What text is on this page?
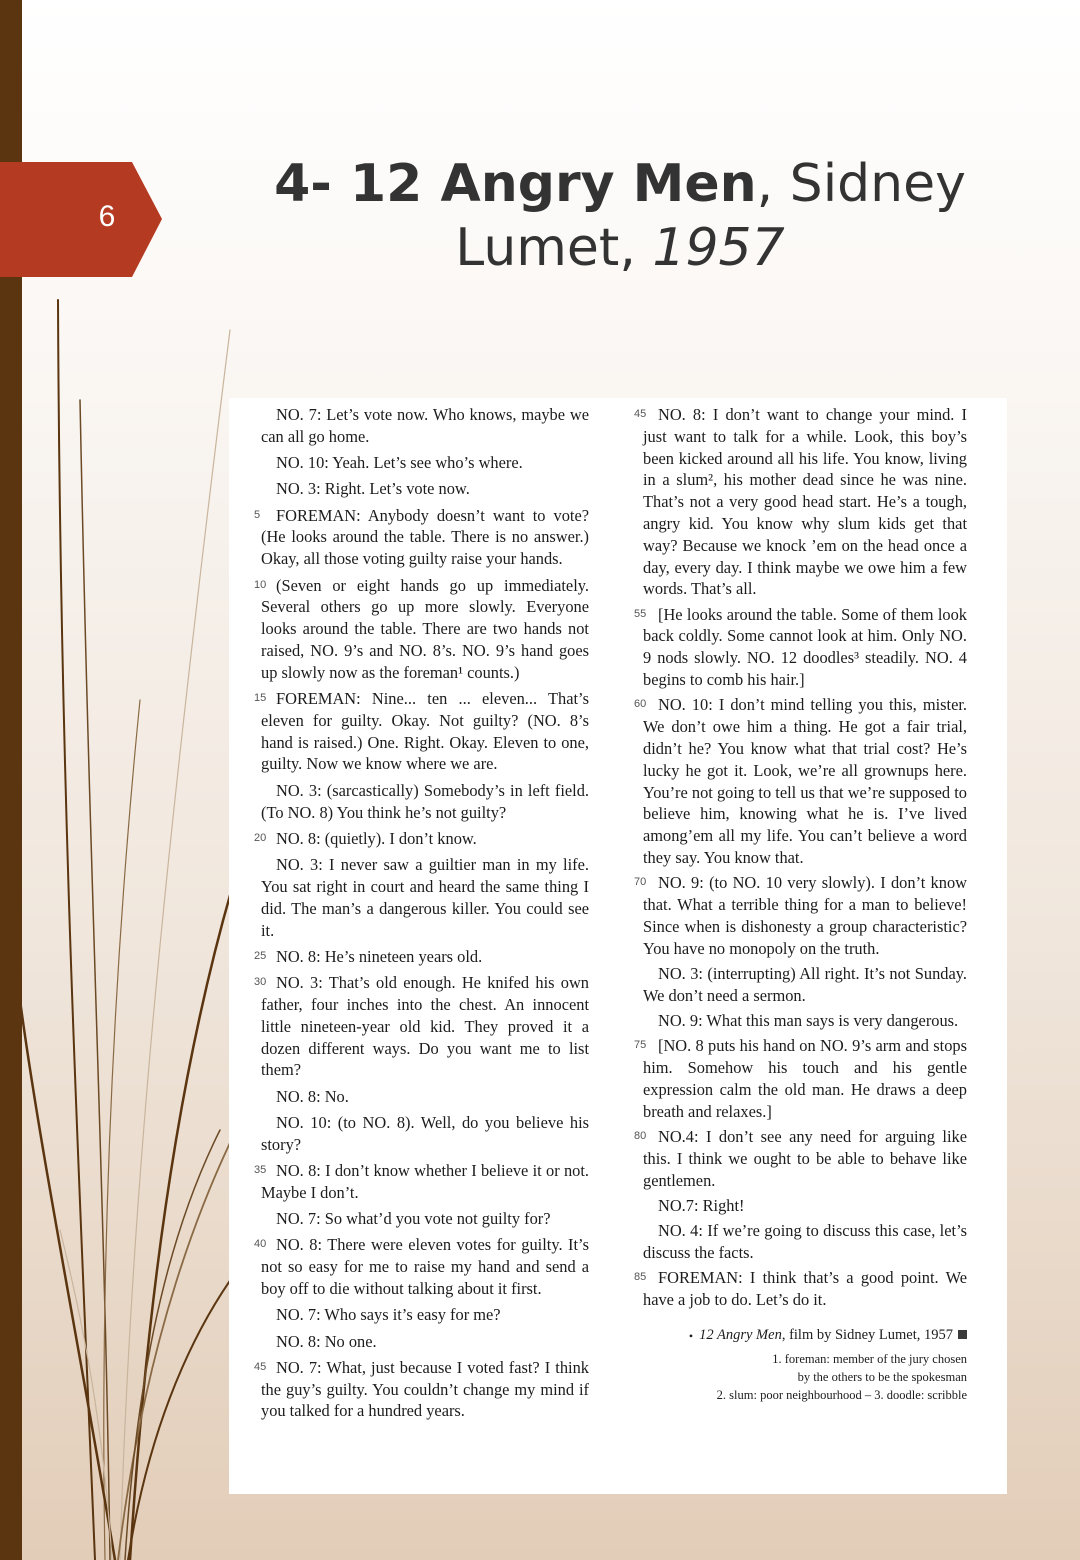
6
4- 12 Angry Men, Sidney Lumet, 1957

NO. 7: Let’s vote now. Who knows, maybe we can all go home.

NO. 10: Yeah. Let’s see who’s where.

NO. 3: Right. Let’s vote now.

5 FOREMAN: Anybody doesn’t want to vote? (He looks around the table. There is no answer.) Okay, all those voting guilty raise your hands.

10 (Seven or eight hands go up immediately. Several others go up more slowly. Everyone looks around the table. There are two hands not raised, NO. 9’s and NO. 8’s. NO. 9’s hand goes up slowly now as the foreman¹ counts.)

15 FOREMAN: Nine... ten ... eleven... That’s eleven for guilty. Okay. Not guilty? (NO. 8’s hand is raised.) One. Right. Okay. Eleven to one, guilty. Now we know where we are.

NO. 3: (sarcastically) Somebody’s in left field. (To NO. 8) You think he’s not guilty?

20 NO. 8: (quietly). I don’t know.

NO. 3: I never saw a guiltier man in my life. You sat right in court and heard the same thing I did. The man’s a dangerous killer. You could see it.

25 NO. 8: He’s nineteen years old.

30 NO. 3: That’s old enough. He knifed his own father, four inches into the chest. An innocent little nineteen-year old kid. They proved it a dozen different ways. Do you want me to list them?

NO. 8: No.

NO. 10: (to NO. 8). Well, do you believe his story?

35 NO. 8: I don’t know whether I believe it or not. Maybe I don’t.

NO. 7: So what’d you vote not guilty for?

40 NO. 8: There were eleven votes for guilty. It’s not so easy for me to raise my hand and send a boy off to die without talking about it first.

NO. 7: Who says it’s easy for me?

NO. 8: No one.

45 NO. 7: What, just because I voted fast? I think the guy’s guilty. You couldn’t change my mind if you talked for a hundred years.

45 NO. 8: I don’t want to change your mind. I just want to talk for a while. Look, this boy’s been kicked around all his life. You know, living in a slum², his mother dead since he was nine. That’s not a very good head start. He’s a tough, angry kid. You know why slum kids get that way? Because we knock ’em on the head once a day, every day. I think maybe we owe him a few words. That’s all.

55 [He looks around the table. Some of them look back coldly. Some cannot look at him. Only NO. 9 nods slowly. NO. 12 doodles³ steadily. NO. 4 begins to comb his hair.]

60 NO. 10: I don’t mind telling you this, mister. We don’t owe him a thing. He got a fair trial, didn’t he? You know what that trial cost? He’s lucky he got it. Look, we’re all grownups here. You’re not going to tell us that we’re supposed to believe him, knowing what he is. I’ve lived among’em all my life. You can’t believe a word they say. You know that.

70 NO. 9: (to NO. 10 very slowly). I don’t know that. What a terrible thing for a man to believe! Since when is dishonesty a group characteristic? You have no monopoly on the truth.

NO. 3: (interrupting) All right. It’s not Sunday. We don’t need a sermon.

NO. 9: What this man says is very dangerous.

75 [NO. 8 puts his hand on NO. 9’s arm and stops him. Somehow his touch and his gentle expression calm the old man. He draws a deep breath and relaxes.]

80 NO.4: I don’t see any need for arguing like this. I think we ought to be able to behave like gentlemen.

NO.7: Right!

NO. 4: If we’re going to discuss this case, let’s discuss the facts.

85 FOREMAN: I think that’s a good point. We have a job to do. Let’s do it.

• 12 Angry Men, film by Sidney Lumet, 1957
1. foreman: member of the jury chosen
by the others to be the spokesman
2. slum: poor neighbourhood – 3. doodle: scribble
